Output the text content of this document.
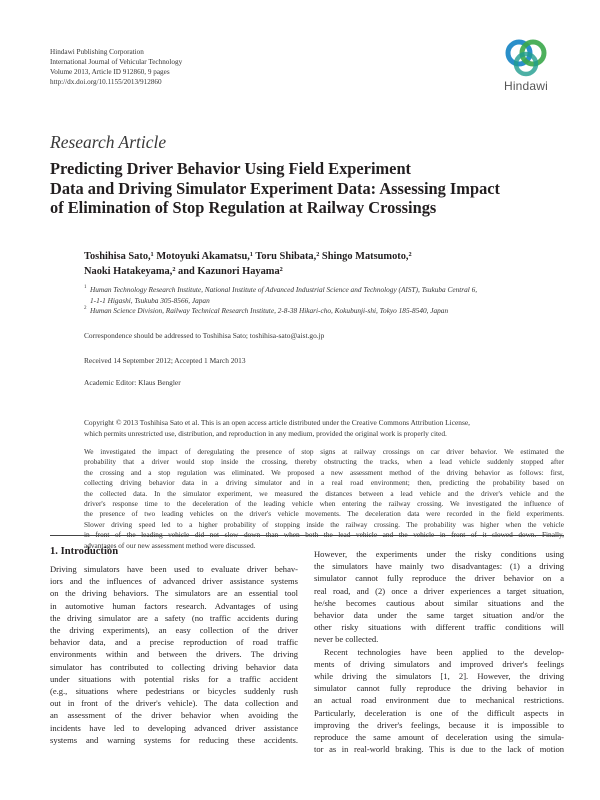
Hindawi Publishing Corporation
International Journal of Vehicular Technology
Volume 2013, Article ID 912860, 9 pages
http://dx.doi.org/10.1155/2013/912860	Hindawi
Research Article
Predicting Driver Behavior Using Field Experiment
Data and Driving Simulator Experiment Data: Assessing Impact
of Elimination of Stop Regulation at Railway Crossings
Toshihisa Sato,¹ Motoyuki Akamatsu,¹ Toru Shibata,² Shingo Matsumoto,²
Naoki Hatakeyama,² and Kazunori Hayama²
1 Human Technology Research Institute, National Institute of Advanced Industrial Science and Technology (AIST), Tsukuba Central 6,
1-1-1 Higashi, Tsukuba 305-8566, Japan
2 Human Science Division, Railway Technical Research Institute, 2-8-38 Hikari-cho, Kokubunji-shi, Tokyo 185-8540, Japan
Correspondence should be addressed to Toshihisa Sato; toshihisa-sato@aist.go.jp
Received 14 September 2012; Accepted 1 March 2013
Academic Editor: Klaus Bengler
Copyright © 2013 Toshihisa Sato et al. This is an open access article distributed under the Creative Commons Attribution License,
which permits unrestricted use, distribution, and reproduction in any medium, provided the original work is properly cited.
We investigated the impact of deregulating the presence of stop signs at railway crossings on car driver behavior. We estimated the
probability that a driver would stop inside the crossing, thereby obstructing the tracks, when a lead vehicle suddenly stopped after
the crossing and a stop regulation was eliminated. We proposed a new assessment method of the driving behavior as follows: first,
collecting driving behavior data in a driving simulator and in a real road environment; then, predicting the probability based on
the collected data. In the simulator experiment, we measured the distances between a lead vehicle and the driver's vehicle and the
driver's response time to the deceleration of the leading vehicle when entering the railway crossing. We investigated the influence of
the presence of two leading vehicles on the driver's vehicle movements. The deceleration data were recorded in the field experiments.
Slower driving speed led to a higher probability of stopping inside the railway crossing. The probability was higher when the vehicle
in front of the leading vehicle did not slow down than when both the lead vehicle and the vehicle in front of it slowed down. Finally,
advantages of our new assessment method were discussed.
1. Introduction
Driving simulators have been used to evaluate driver behav-
iors and the influences of advanced driver assistance systems
on the driving behaviors. The simulators are an essential tool
in automotive human factors research. Advantages of using
the driving simulator are a safety (no traffic accidents during
the driving experiments), an easy collection of the driver
behavior data, and a precise reproduction of road traffic
environments within and between the drivers. The driving
simulator has contributed to collecting driving behavior data
under situations with potential risks for a traffic accident
(e.g., situations where pedestrians or bicycles suddenly rush
out in front of the driver's vehicle). The data collection and
an assessment of the driver behavior when avoiding the
incidents have led to developing advanced driver assistance
systems and warning systems for reducing these accidents.
However, the experiments under the risky conditions using
the simulators have mainly two disadvantages: (1) a driving
simulator cannot fully reproduce the driver behavior on a
real road, and (2) once a driver experiences a target situation,
he/she becomes cautious about similar situations and the
behavior data under the same target situation and/or the
other risky situations with different traffic conditions will
never be collected.
Recent technologies have been applied to the develop-
ments of driving simulators and improved driver's feelings
while driving the simulators [1, 2]. However, the driving
simulator cannot fully reproduce the driving behavior in
an actual road environment due to mechanical restrictions.
Particularly, deceleration is one of the difficult aspects in
improving the driver's feelings, because it is impossible to
reproduce the same amount of deceleration using the simula-
tor as in real-world braking. This is due to the lack of motion
